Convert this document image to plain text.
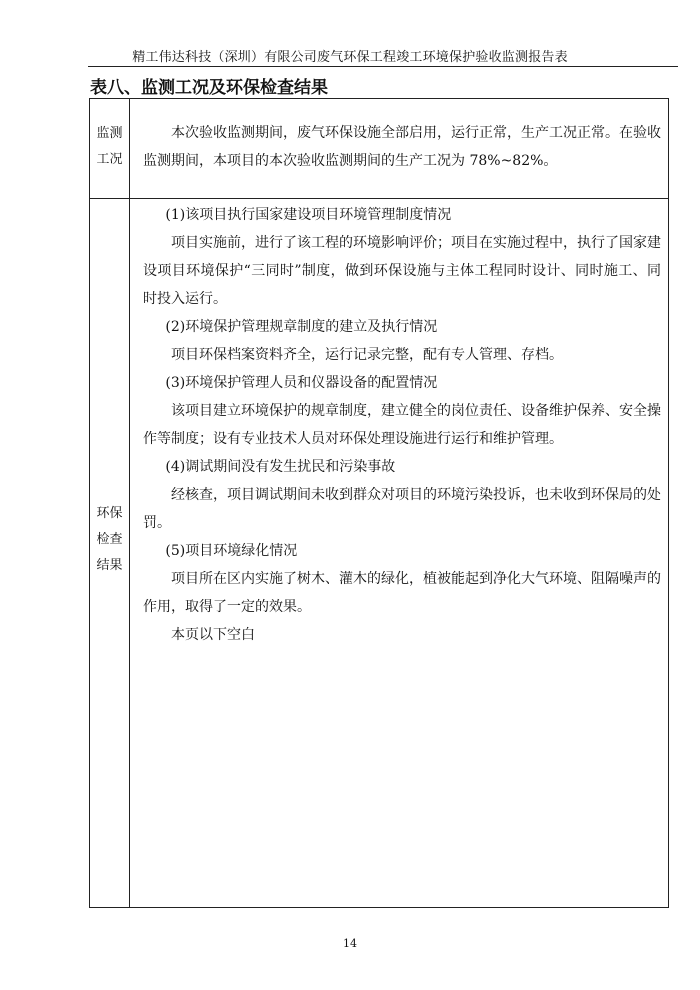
精工伟达科技（深圳）有限公司废气环保工程竣工环境保护验收监测报告表
表八、监测工况及环保检查结果
监测
工况

本次验收监测期间，废气环保设施全部启用，运行正常，生产工况正常。在验收监测期间，本项目的本次验收监测期间的生产工况为 78%~82%。

环保
检查
结果

(1)该项目执行国家建设项目环境管理制度情况

项目实施前，进行了该工程的环境影响评价；项目在实施过程中，执行了国家建设项目环境保护“三同时”制度，做到环保设施与主体工程同时设计、同时施工、同时投入运行。

(2)环境保护管理规章制度的建立及执行情况

项目环保档案资料齐全，运行记录完整，配有专人管理、存档。

(3)环境保护管理人员和仪器设备的配置情况

该项目建立环境保护的规章制度，建立健全的岗位责任、设备维护保养、安全操作等制度；设有专业技术人员对环保处理设施进行运行和维护管理。

(4)调试期间没有发生扰民和污染事故

经核查，项目调试期间未收到群众对项目的环境污染投诉，也未收到环保局的处罚。

(5)项目环境绿化情况

项目所在区内实施了树木、灌木的绿化，植被能起到净化大气环境、阻隔噪声的作用，取得了一定的效果。

本页以下空白

14
